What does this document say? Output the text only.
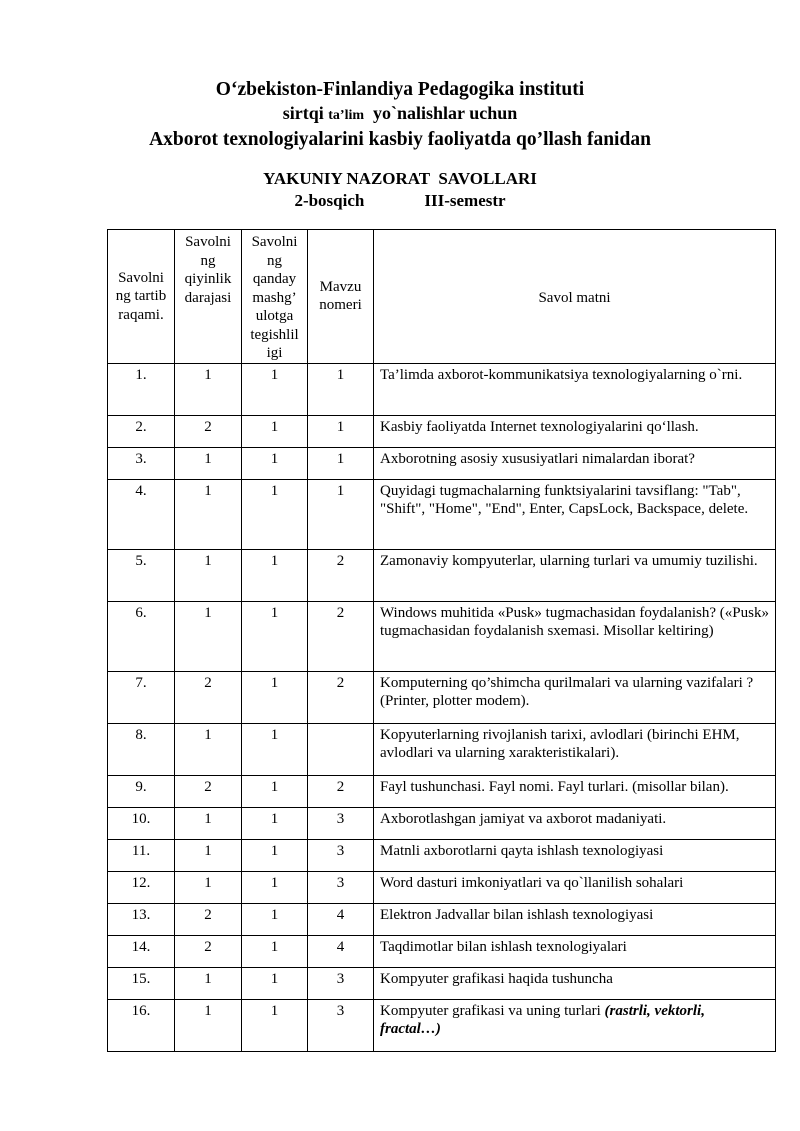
O‘zbekiston-Finlandiya Pedagogika instituti
sirtqi ta’lim yo`nalishlar uchun
Axborot texnologiyalarini kasbiy faoliyatda qo’llash fanidan
YAKUNIY NAZORAT  SAVOLLARI
2-bosqich	III-semestr
Savolni ng tartib raqami.	Savolni ng qiyinlik darajasi	Savolni ng qanday mashg’ ulotga tegishlil igi	Mavzu nomeri	Savol matni

1.	1	1	1	Ta’limda axborot-kommunikatsiya texnologiyalarning o`rni.
2.	2	1	1	Kasbiy faoliyatda Internet texnologiyalarini qo‘llash.
3.	1	1	1	Axborotning asosiy xususiyatlari nimalardan iborat?
4.	1	1	1	Quyidagi tugmachalarning funktsiyalarini tavsiflang: "Tab", "Shift", "Home", "End", Enter, CapsLock, Backspace, delete.
5.	1	1	2	Zamonaviy kompyuterlar, ularning turlari va umumiy tuzilishi.
6.	1	1	2	Windows muhitida «Pusk» tugmachasidan foydalanish? («Pusk» tugmachasidan foydalanish sxemasi. Misollar keltiring)
7.	2	1	2	Komputerning qo’shimcha qurilmalari va ularning vazifalari ? (Printer, plotter modem).
8.	1	1		Kopyuterlarning rivojlanish tarixi, avlodlari (birinchi EHM, avlodlari va ularning xarakteristikalari).
9.	2	1	2	Fayl tushunchasi. Fayl nomi. Fayl turlari. (misollar bilan).
10.	1	1	3	Axborotlashgan jamiyat va axborot madaniyati.
11.	1	1	3	Matnli axborotlarni qayta ishlash texnologiyasi
12.	1	1	3	Word dasturi imkoniyatlari va qo`llanilish sohalari
13.	2	1	4	Elektron Jadvallar bilan ishlash texnologiyasi
14.	2	1	4	Taqdimotlar bilan ishlash texnologiyalari
15.	1	1	3	Kompyuter grafikasi haqida tushuncha
16.	1	1	3	Kompyuter grafikasi va uning turlari (rastrli, vektorli, fractal…)
